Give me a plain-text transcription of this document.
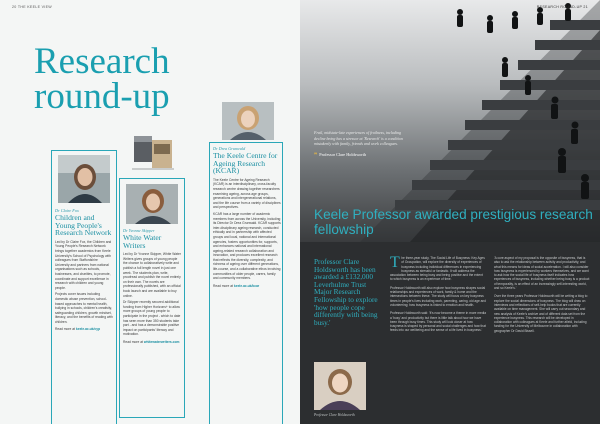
20 THE KEELE VIEW
Research
round-up
Dr Claire Fox
Children and Young People's Research Network
Led by Dr Claire Fox, the Children and Young People's Research Network brings together academics from Keele University's School of Psychology with colleagues from Staffordshire University and partners from national organisations such as schools, businesses, and charities, to promote, coordinate and support excellence in research with children and young people.
Projects cover issues including domestic abuse prevention, school-based approaches to mental health, bullying in schools, children's creativity, safeguarding children, growth mindset, literacy, and the benefits of reading with children.
Read more at keele.ac.uk/cyp
Dr Yvonne Skipper
White Water Writers
Led by Dr Yvonne Skipper, White Water Writers gives groups of young people the chance to collaboratively write and publish a full length novel in just one week. The students plan, write, proofread and publish the novel entirely on their own. The novels are professionally published, with an official book launch and are available to buy online.
Dr Skipper recently secured additional funding from Higher Horizons+ to allow more groups of young people to participate in the project - which to date has seen more than 350 students take part - and has a demonstrable positive impact on participants' literacy and motivation.
Read more at whitewaterwriters.com
Dr Drea Grunwald
The Keele Centre for Ageing Research (KCAR)
The Keele Centre for Ageing Research (KCAR) is an interdisciplinary, cross-faculty research centre drawing together researchers examining ageing, across age groups, generations and intergenerational relations, and the life course from a variety of disciplines and perspectives.
KCAR has a large number of academic members from across the University, including its Director Dr Drea Grunwald. KCAR supports inter-disciplinary ageing research, conducted ethically and in partnership with affected groups and local, national and international agencies, fosters opportunities for, supports, and enhances national and international ageing-related research collaboration and innovation, and produces excellent research that reflects the diversity, complexity, and richness of ageing over different generations, life-course, and a collaborative ethos involving communities of older people, carers, family and community members.
Read more at keele.ac.uk/kcar
RESEARCH ROUND-UP 21
Frail, midstate-late experiences of frailness, including decline being has a stressor at 'Research' is a condition mistakenly with family, friends and work colleagues.
❞ Professor Clare Holdsworth
Keele Professor awarded prestigious research fellowship
Professor Clare Holdsworth has been awarded a £132,000 Leverhulme Trust Major Research Fellowship to explore 'how people cope differently with being busy.'
Professor Clare Holdsworth

The three-year study, The Social Life of Busyness: Key Ages of Occupation, will explore the diversity of experiences of busyness including individual differences in experiencing busyness as stressful or fantastic. It will address the association between being busy and being positive and the extent to which busyness is an experience of time.

Professor Holdsworth will also explore how busyness shapes social relationships and experiences of work, family & home and the intersections between these. The study will focus on key busyness times in people's lives including work, parenting, caring, old age and volunteering; how busyness is linked to emotion and health.

Professor Holdsworth said: 'It's now become a theme in more media a 'busy' and productivity but there is little talk about how we have been through busy times. This study will look closer at how busyness is shaped by personal and social challenges and how that feeds into our wellbeing and the sense of a life lived in busyness.'

'A core aspect of my proposal is the opposite of busyness, that is also to ask the relationship between activity and productivity, and what this means for ideas of social acceleration. I will also consider how busyness is experienced by workers themselves, and we want to ask how the social life of busyness itself indicates how experiences of busyness, including whether being busy is a product of temporality, is an effect of an increasingly self-interesting world, and so Keele's.'

Over the three years Professor Holdsworth will be writing a blog to explore the social dimensions of busyness. The blog will draw on interviews and reflections of self-help books that are currently available on time management. She will carry out secondary and new analysis of Keele's archive and of different data set from the experience busyness. This research will be developed in collaboration with colleagues at Keele and further afield, including funding for the University of Melbourne in collaboration with geographer Dr David Bissell.
